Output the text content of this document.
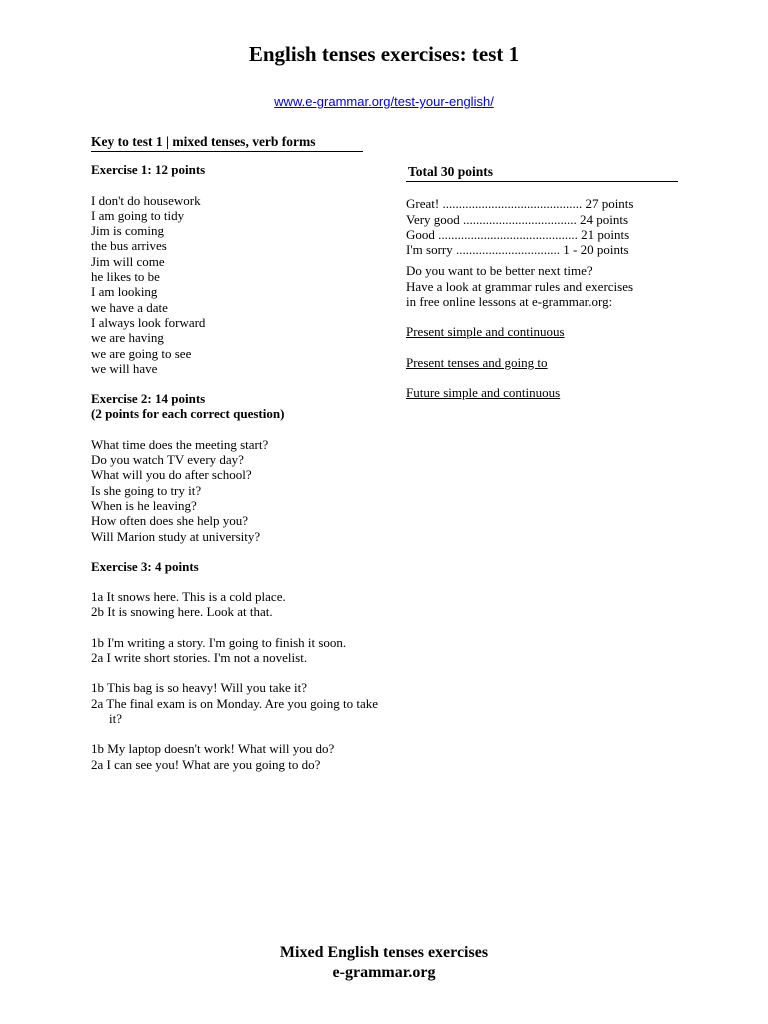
English tenses exercises: test 1
www.e-grammar.org/test-your-english/
Key to test 1 | mixed tenses, verb forms
Exercise 1: 12 points
I don't do housework
I am going to tidy
Jim is coming
the bus arrives
Jim will come
he likes to be
I am looking
we have a date
I always look forward
we are having
we are going to see
we will have
Exercise 2: 14 points
(2 points for each correct question)
What time does the meeting start?
Do you watch TV every day?
What will you do after school?
Is she going to try it?
When is he leaving?
How often does she help you?
Will Marion study at university?
Exercise 3: 4 points
1a It snows here. This is a cold place.
2b It is snowing here. Look at that.
1b I'm writing a story. I'm going to finish it soon.
2a I write short stories. I'm not a novelist.
1b This bag is so heavy! Will you take it?
2a The final exam is on Monday. Are you going to take it?
1b My laptop doesn't work! What will you do?
2a I can see you! What are you going to do?
Total 30 points
Great! ........................................... 27 points
Very good ................................... 24 points
Good ........................................... 21 points
I'm sorry ................................ 1 - 20 points
Do you want to be better next time?
Have a look at grammar rules and exercises
in free online lessons at e-grammar.org:
Present simple and continuous
Present tenses and going to
Future simple and continuous
Mixed English tenses exercises
e-grammar.org
